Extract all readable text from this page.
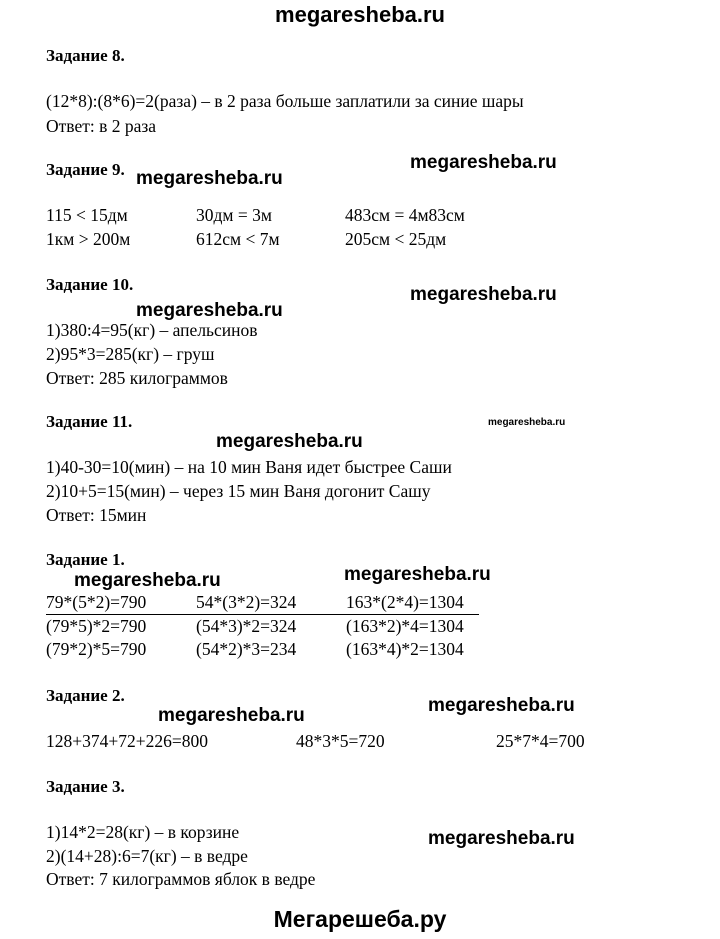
megaresheba.ru
Задание 8.
(12*8):(8*6)=2(раза) – в 2 раза больше заплатили за синие шары
Ответ: в 2 раза
Задание 9. megaresheba.ru
megaresheba.ru
115 < 15дм	30дм = 3м	483см = 4м83см
1км > 200м	612см < 7м	205см < 25дм
Задание 10.	megaresheba.ru
megaresheba.ru
1)380:4=95(кг) – апельсинов
2)95*3=285(кг) – груш
Ответ: 285 килограммов
Задание 11.	megaresheba.ru
megaresheba.ru
1)40-30=10(мин) – на 10 мин Ваня идет быстрее Саши
2)10+5=15(мин) – через 15 мин Ваня догонит Сашу
Ответ: 15мин
Задание 1.
megaresheba.ru	megaresheba.ru
79*(5*2)=790	54*(3*2)=324	163*(2*4)=1304
(79*5)*2=790	(54*3)*2=324	(163*2)*4=1304
(79*2)*5=790	(54*2)*3=234	(163*4)*2=1304
Задание 2.	megaresheba.ru
megaresheba.ru
128+374+72+226=800	48*3*5=720	25*7*4=700
Задание 3.
1)14*2=28(кг) – в корзине	megaresheba.ru
2)(14+28):6=7(кг) – в ведре
Ответ: 7 килограммов яблок в ведре
Мегарешеба.ру
